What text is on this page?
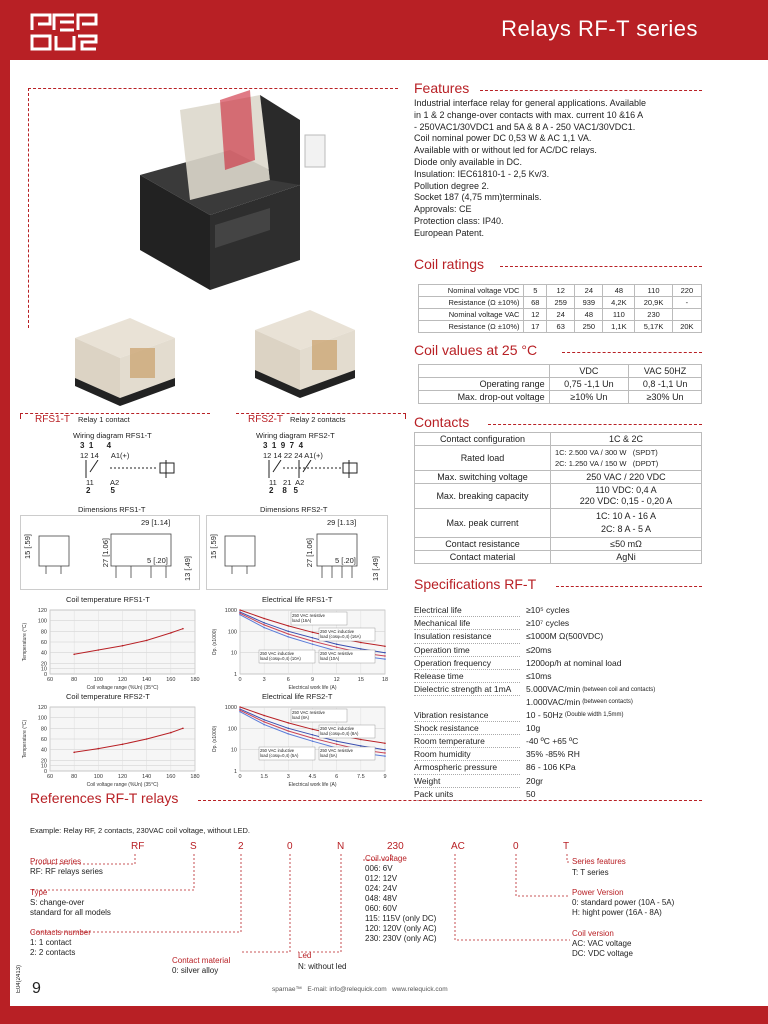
Relays RF-T series
RFS1-T Relay 1 contact	RFS2-T Relay 2 contacts
Wiring diagram RFS1-T	Wiring diagram RFS2-T
3  1      4
12 14      A1(+)
11        A2
2         5
3  1  9  7  4
12 14 22 24 A1(+)
11   21  A2
2    8   5
Dimensions RFS1-T	Dimensions RFS2-T
29 [1.14]
27 [1.06]	5 [.20] 13 [.49]
15 [.59]
29 [1.13]
27 [1.06]	5 [.20] 13 [.49]
15 [.59]
Coil temperature RFS1-T	Electrical life RFS1-T
Coil temperature RFS2-T	Electrical life RFS2-T
0
10
20
40
60
80
100
120
60	80	100	120	140	160	180
Coil voltage range (%Un) (35°C)
Temperature (°C)
1
10
100
1000
0	3	6	9	12	15	18
Electrical work life (A)
Op. (x1000)
250 VAC resistive load (16A)
250 VAC inductive load (cosφ=0,4) (16A)
250 VAC inductive load (cosφ=0,4) (10A)
250 VAC resistive load (10A)
0
10
20
40
60
80
100
120
60	80	100	120	140	160	180
Coil voltage range (%Un) (35°C)
Temperature (°C)
1
10
100
1000
0	1.5	3	4.5	6	7.5	9
Electrical work life (A)
Op. (x1000)
250 VAC resistive load (8A)
250 VAC inductive load (cosφ=0,4) (8A)
250 VAC inductive load (cosφ=0,4) (5A)
250 VAC resistive load (5A)
Features
Industrial interface relay for general applications. Available
in 1 & 2 change-over contacts with max. current 10 &16 A
- 250VAC1/30VDC1 and 5A & 8 A - 250 VAC1/30VDC1.
Coil nominal power DC 0,53 W & AC 1,1 VA.
Available with or without led for AC/DC relays.
Diode only available in DC.
Insulation: IEC61810-1 - 2,5 Kv/3.
Pollution degree 2.
Socket 187 (4,75 mm)terminals.
Approvals: CE
Protection class: IP40.
European Patent.
Coil ratings
Nominal voltage VDC	5	12	24	48	110	220
Resistance (Ω ±10%)	68	259	939	4,2K	20,9K	-
Nominal voltage VAC	12	24	48	110	230	
Resistance (Ω ±10%)	17	63	250	1,1K	5,17K	20K
Coil values at 25 °C
	VDC	VAC 50HZ
Operating range	0,75 -1,1 Un	0,8 -1,1 Un
Max. drop-out voltage	≥10% Un	≥30% Un
Contacts
Contact configuration	1C & 2C
Rated load	1C: 2.500 VA / 300 W (SPDT)
2C: 1.250 VA / 150 W (DPDT)
Max. switching voltage	250 VAC / 220 VDC
Max. breaking capacity	110 VDC: 0,4 A
220 VDC: 0,15 - 0,20 A
Max. peak current	1C: 10 A - 16 A
2C: 8 A - 5 A
Contact resistance	≤50 mΩ
Contact material	AgNi
Specifications RF-T
Electrical life	≥10⁵ cycles
Mechanical life	≥10⁷ cycles
Insulation resistance	≤1000M Ω(500VDC)
Operation time	≤20ms
Operation frequency	1200op/h at nominal load
Release time	≤10ms
Dielectric strength at 1mA	5.000VAC/min (between coil and contacts)
1.000VAC/min (between contacts)
Vibration resistance	10 - 50Hz (Double width 1,5mm)
Shock resistance	10g
Room temperature	-40 ºC +65 ºC
Room humidity	35% -85% RH
Armospheric pressure	86 - 106 KPa
Weight	20gr
Pack units	50
References RF-T relays
Example: Relay RF, 2 contacts, 230VAC coil voltage, without LED.
RF	S	2	0	N	230	AC	0	T
Product series
RF: RF relays series
Type
S: change-over
standard for all models
Contacts number
1: 1 contact
2: 2 contacts
Contact material
0: silver alloy
Led
N: without led
Coil voltage
006: 6V
012: 12V
024: 24V
048: 48V
060: 60V
115: 115V (only DC)
120: 120V (only AC)
230: 230V (only AC)
Series features
T: T series
Power Version
0: standard power (10A - 5A)
H: hight power (16A - 8A)
Coil version
AC: VAC voltage
DC: VDC voltage
E04(2413) 9	sparnae™   E-mail: info@relequick.com   www.relequick.com
